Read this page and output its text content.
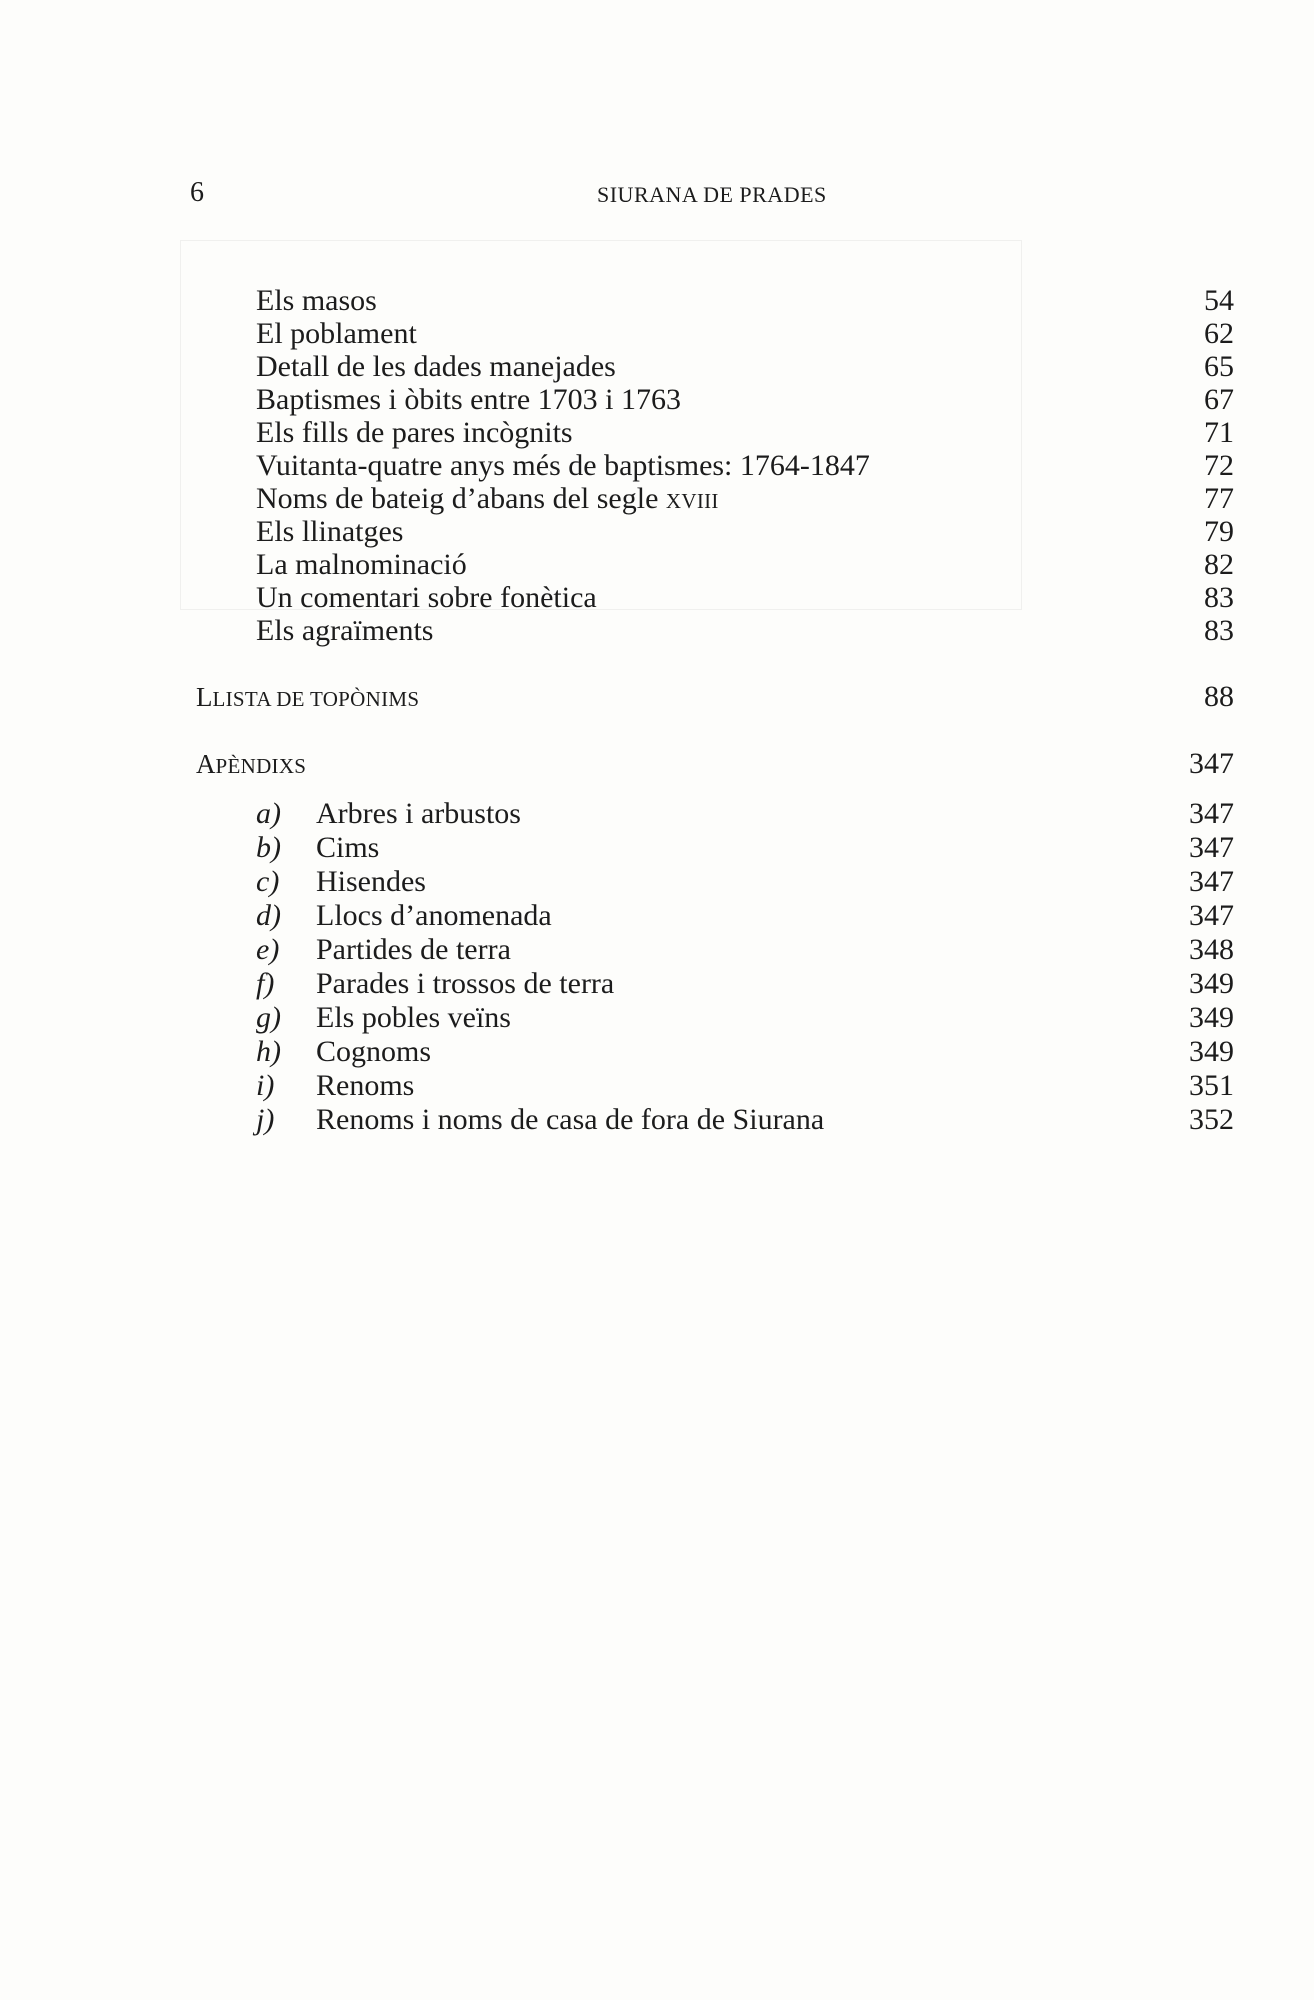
6	SIURANA DE PRADES
Els masos	54
El poblament	62
Detall de les dades manejades	65
Baptismes i òbits entre 1703 i 1763	67
Els fills de pares incògnits	71
Vuitanta-quatre anys més de baptismes: 1764-1847	72
Noms de bateig d’abans del segle XVIII	77
Els llinatges	79
La malnominació	82
Un comentari sobre fonètica	83
Els agraïments	83
LLISTA DE TOPÒNIMS	88
APÈNDIXS	347
a) Arbres i arbustos	347
b) Cims	347
c) Hisendes	347
d) Llocs d’anomenada	347
e) Partides de terra	348
f) Parades i trossos de terra	349
g) Els pobles veïns	349
h) Cognoms	349
i) Renoms	351
j) Renoms i noms de casa de fora de Siurana	352
